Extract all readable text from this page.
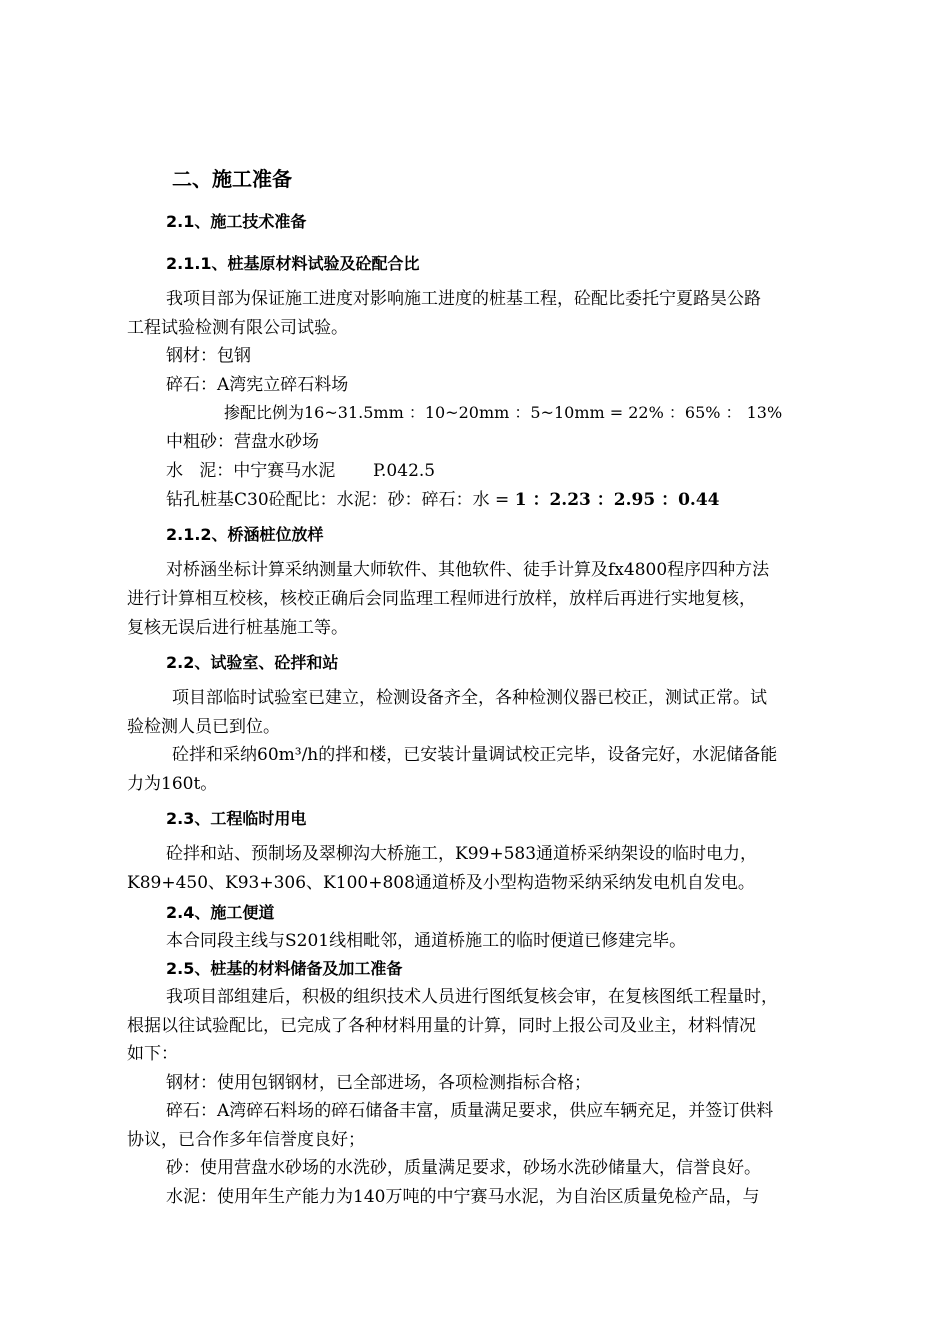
二、施工准备
2.1、施工技术准备
2.1.1、桩基原材料试验及砼配合比
我项目部为保证施工进度对影响施工进度的桩基工程，砼配比委托宁夏路昊公路
工程试验检测有限公司试验。
钢材：包钢
碎石：A湾宪立碎石料场
掺配比例为16~31.5mm ：10~20mm ：5~10mm = 22% ：65% ： 13%
中粗砂：营盘水砂场
水   泥：中宁赛马水泥       P.042.5
钻孔桩基C30砼配比：水泥：砂：碎石：水 = 1 ：2.23 ：2.95 ：0.44
2.1.2、桥涵桩位放样
对桥涵坐标计算采纳测量大师软件、其他软件、徒手计算及fx4800程序四种方法
进行计算相互校核，核校正确后会同监理工程师进行放样，放样后再进行实地复核，
复核无误后进行桩基施工等。
2.2、试验室、砼拌和站
项目部临时试验室已建立，检测设备齐全，各种检测仪器已校正，测试正常。试
验检测人员已到位。
砼拌和采纳60m³/h的拌和楼，已安装计量调试校正完毕，设备完好，水泥储备能
力为160t。
2.3、工程临时用电
砼拌和站、预制场及翠柳沟大桥施工，K99+583通道桥采纳架设的临时电力，
K89+450、K93+306、K100+808通道桥及小型构造物采纳采纳发电机自发电。
2.4、施工便道
本合同段主线与S201线相毗邻，通道桥施工的临时便道已修建完毕。
2.5、桩基的材料储备及加工准备
我项目部组建后，积极的组织技术人员进行图纸复核会审，在复核图纸工程量时，
根据以往试验配比，已完成了各种材料用量的计算，同时上报公司及业主，材料情况
如下：
钢材：使用包钢钢材，已全部进场，各项检测指标合格；
碎石：A湾碎石料场的碎石储备丰富，质量满足要求，供应车辆充足，并签订供料
协议，已合作多年信誉度良好；
砂：使用营盘水砂场的水洗砂，质量满足要求，砂场水洗砂储量大，信誉良好。
水泥：使用年生产能力为140万吨的中宁赛马水泥，为自治区质量免检产品，与
